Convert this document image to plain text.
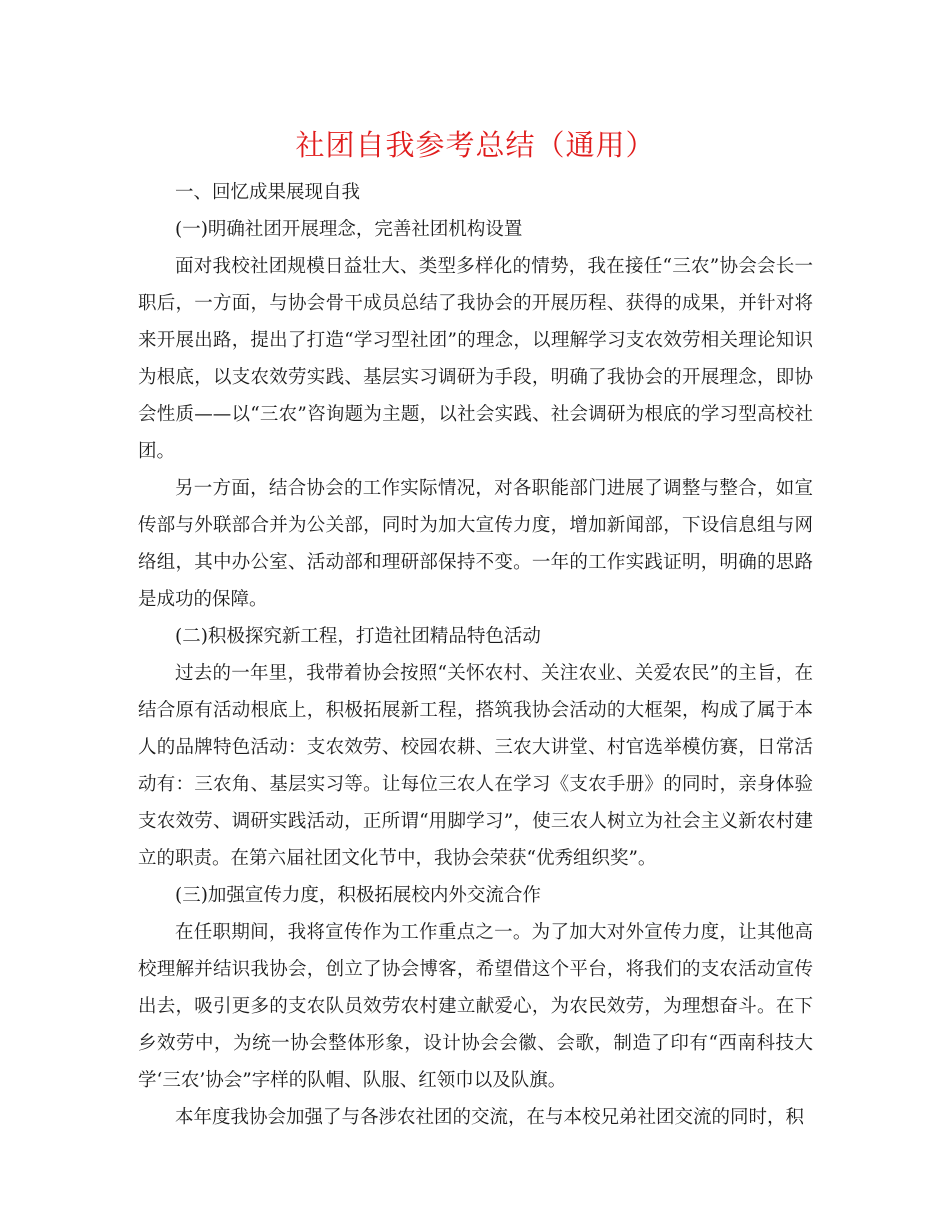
社团自我参考总结（通用）

一、回忆成果展现自我

(一)明确社团开展理念，完善社团机构设置

面对我校社团规模日益壮大、类型多样化的情势，我在接任“三农”协会会长一职后，一方面，与协会骨干成员总结了我协会的开展历程、获得的成果，并针对将来开展出路，提出了打造“学习型社团”的理念，以理解学习支农效劳相关理论知识为根底，以支农效劳实践、基层实习调研为手段，明确了我协会的开展理念，即协会性质——以“三农”咨询题为主题，以社会实践、社会调研为根底的学习型高校社团。

另一方面，结合协会的工作实际情况，对各职能部门进展了调整与整合，如宣传部与外联部合并为公关部，同时为加大宣传力度，增加新闻部，下设信息组与网络组，其中办公室、活动部和理研部保持不变。一年的工作实践证明，明确的思路是成功的保障。

(二)积极探究新工程，打造社团精品特色活动

过去的一年里，我带着协会按照“关怀农村、关注农业、关爱农民”的主旨，在结合原有活动根底上，积极拓展新工程，搭筑我协会活动的大框架，构成了属于本人的品牌特色活动：支农效劳、校园农耕、三农大讲堂、村官选举模仿赛，日常活动有：三农角、基层实习等。让每位三农人在学习《支农手册》的同时，亲身体验支农效劳、调研实践活动，正所谓“用脚学习”，使三农人树立为社会主义新农村建立的职责。在第六届社团文化节中，我协会荣获“优秀组织奖”。

(三)加强宣传力度，积极拓展校内外交流合作

在任职期间，我将宣传作为工作重点之一。为了加大对外宣传力度，让其他高校理解并结识我协会，创立了协会博客，希望借这个平台，将我们的支农活动宣传出去，吸引更多的支农队员效劳农村建立献爱心，为农民效劳，为理想奋斗。在下乡效劳中，为统一协会整体形象，设计协会会徽、会歌，制造了印有“西南科技大学‘三农’协会”字样的队帽、队服、红领巾以及队旗。

本年度我协会加强了与各涉农社团的交流，在与本校兄弟社团交流的同时，积
